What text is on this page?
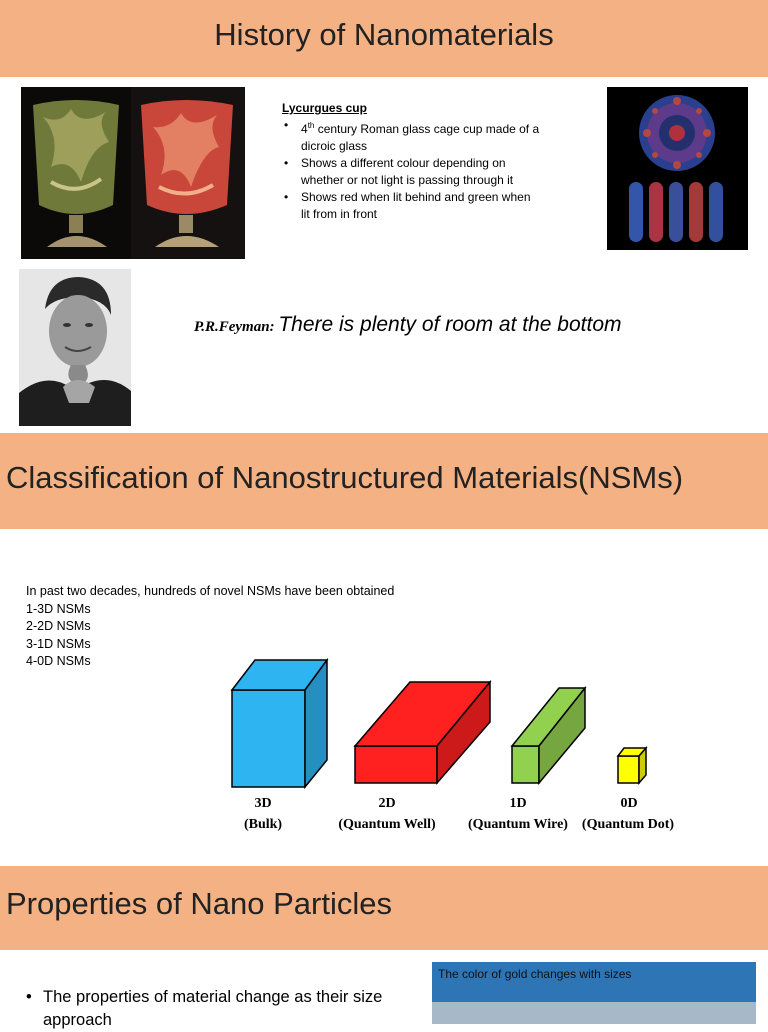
History of Nanomaterials
Lycurgues cup
• 4th century Roman glass cage cup made of a dicroic glass
• Shows a different colour depending on whether or not light is passing through it
• Shows red when lit behind and green when lit from in front
P.R.Feyman: There is plenty of room at the bottom
Classification of Nanostructured Materials(NSMs)
In past two decades, hundreds of novel NSMs have been obtained
1-3D NSMs
2-2D NSMs
3-1D NSMs
4-0D NSMs
3D
(Bulk)
2D
(Quantum Well)
1D
(Quantum Wire)
0D
(Quantum Dot)
Properties of Nano Particles
• The properties of material change as their size approach
The color of gold changes with sizes
